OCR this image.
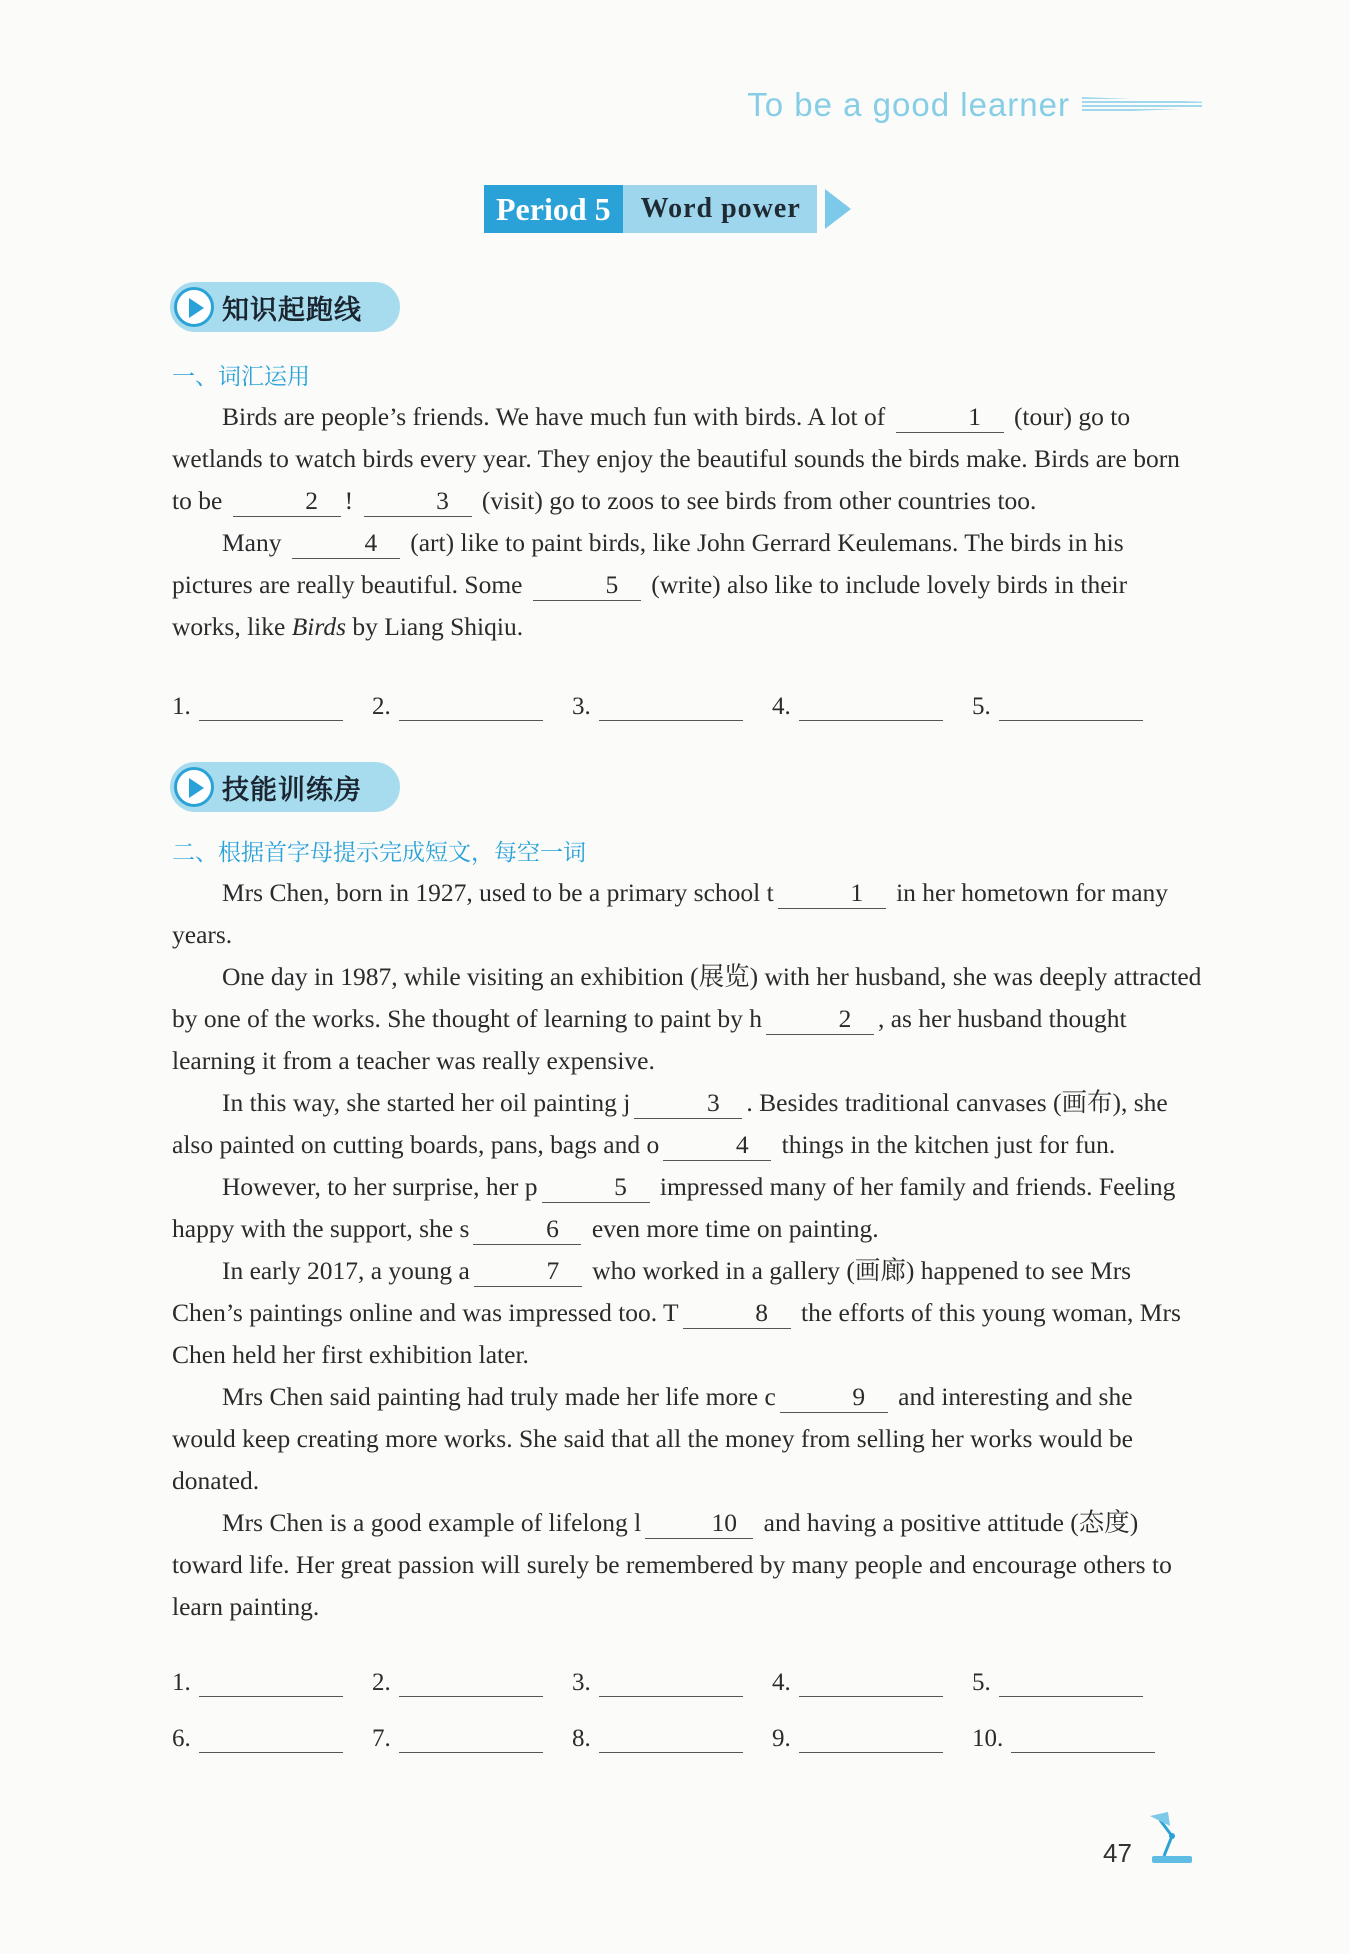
To be a good learner
Period 5	Word power
知识起跑线
一、词汇运用

Birds are people’s friends. We have much fun with birds. A lot of	1 (tour) go to wetlands to watch birds every year. They enjoy the beautiful sounds the birds make. Birds are born to be	2 !	3 (visit) go to zoos to see birds from other countries too.

Many	4 (art) like to paint birds, like John Gerrard Keulemans. The birds in his pictures are really beautiful. Some	5 (write) also like to include lovely birds in their works, like Birds by Liang Shiqiu.

1.	2.	3.	4.	5.
技能训练房
二、根据首字母提示完成短文，每空一词

Mrs Chen, born in 1927, used to be a primary school t	1 in her hometown for many years.

One day in 1987, while visiting an exhibition (展览) with her husband, she was deeply attracted by one of the works. She thought of learning to paint by h	2 , as her husband thought learning it from a teacher was really expensive.

In this way, she started her oil painting j	3 . Besides traditional canvases (画布), she also painted on cutting boards, pans, bags and o	4 things in the kitchen just for fun.

However, to her surprise, her p	5 impressed many of her family and friends. Feeling happy with the support, she s	6 even more time on painting.

In early 2017, a young a	7 who worked in a gallery (画廊) happened to see Mrs Chen’s paintings online and was impressed too. T	8 the efforts of this young woman, Mrs Chen held her first exhibition later.

Mrs Chen said painting had truly made her life more c	9 and interesting and she would keep creating more works. She said that all the money from selling her works would be donated.

Mrs Chen is a good example of lifelong l	10 and having a positive attitude (态度) toward life. Her great passion will surely be remembered by many people and encourage others to learn painting.

1.	2.	3.	4.	5.
6.	7.	8.	9.	10.
47
